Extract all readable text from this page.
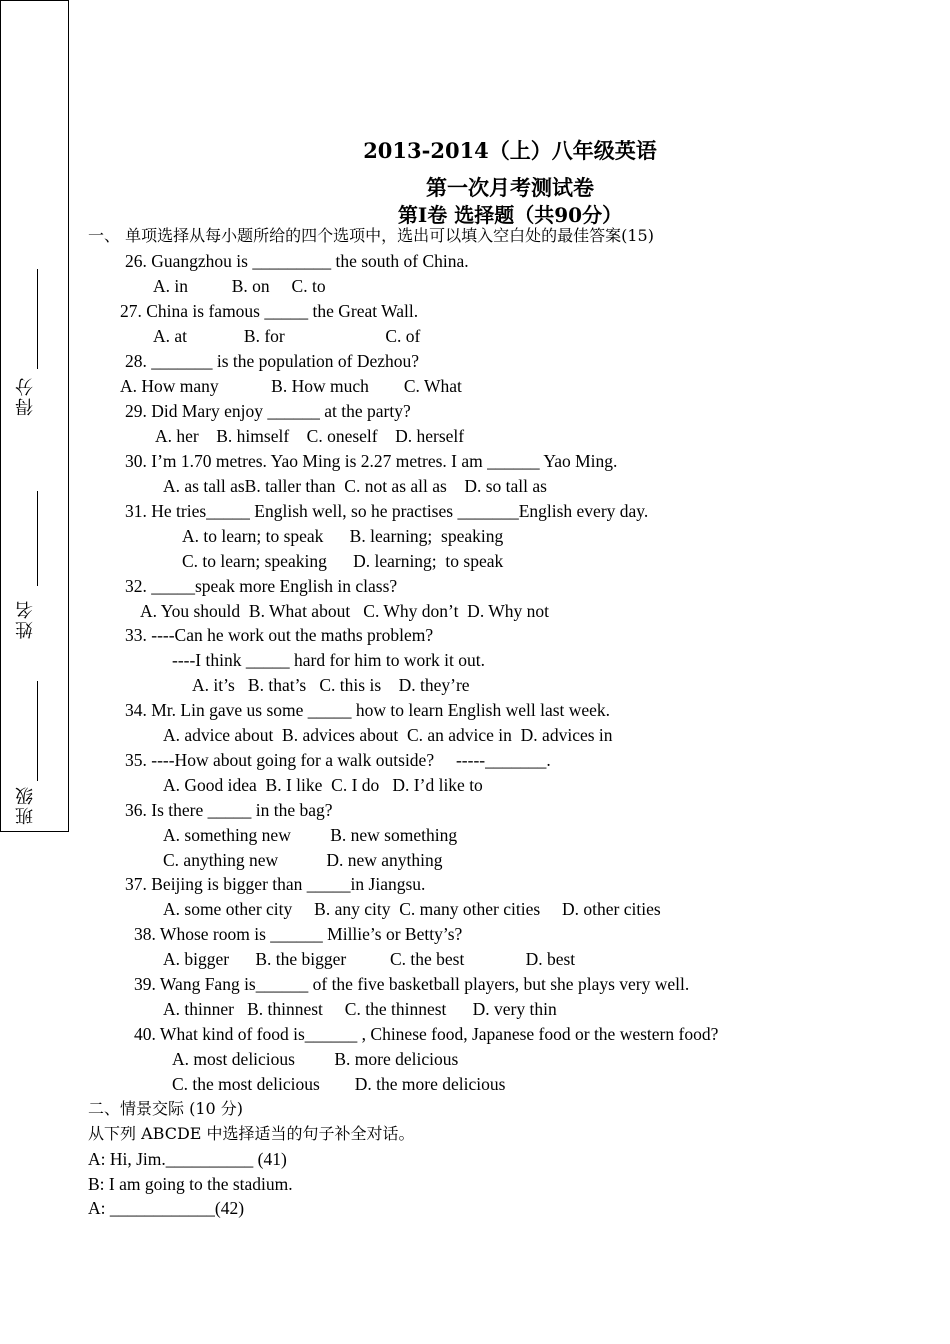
得分
姓名
班级
2013-2014（上）八年级英语
第一次月考测试卷
第Ⅰ卷 选择题（共90分）
一、 单项选择从每小题所给的四个选项中，选出可以填入空白处的最佳答案(15)
26. Guangzhou is _________ the south of China.
A. in          B. on     C. to
27. China is famous _____ the Great Wall.
A. at             B. for                       C. of
28. _______ is the population of Dezhou?
A. How many            B. How much        C. What
29. Did Mary enjoy ______ at the party?
A. her    B. himself    C. oneself    D. herself
30. I’m 1.70 metres. Yao Ming is 2.27 metres. I am ______ Yao Ming.
A. as tall asB. taller than  C. not as all as    D. so tall as
31. He tries_____ English well, so he practises _______English every day.
A. to learn; to speak      B. learning;  speaking
C. to learn; speaking      D. learning;  to speak
32. _____speak more English in class?
A. You should  B. What about   C. Why don’t  D. Why not
33. ----Can he work out the maths problem?
----I think _____ hard for him to work it out.
A. it’s   B. that’s   C. this is    D. they’re
34. Mr. Lin gave us some _____ how to learn English well last week.
A. advice about  B. advices about  C. an advice in  D. advices in
35. ----How about going for a walk outside?     -----_______.
A. Good idea  B. I like  C. I do   D. I’d like to
36. Is there _____ in the bag?
A. something new         B. new something
C. anything new           D. new anything
37. Beijing is bigger than _____in Jiangsu.
A. some other city     B. any city  C. many other cities     D. other cities
38. Whose room is ______ Millie’s or Betty’s?
A. bigger      B. the bigger          C. the best              D. best
39. Wang Fang is______ of the five basketball players, but she plays very well.
A. thinner   B. thinnest     C. the thinnest      D. very thin
40. What kind of food is______ , Chinese food, Japanese food or the western food?
A. most delicious         B. more delicious
C. the most delicious        D. the more delicious
二、情景交际 (10 分)
从下列 ABCDE 中选择适当的句子补全对话。
A: Hi, Jim.__________ (41)
B: I am going to the stadium.
A: ____________(42)
